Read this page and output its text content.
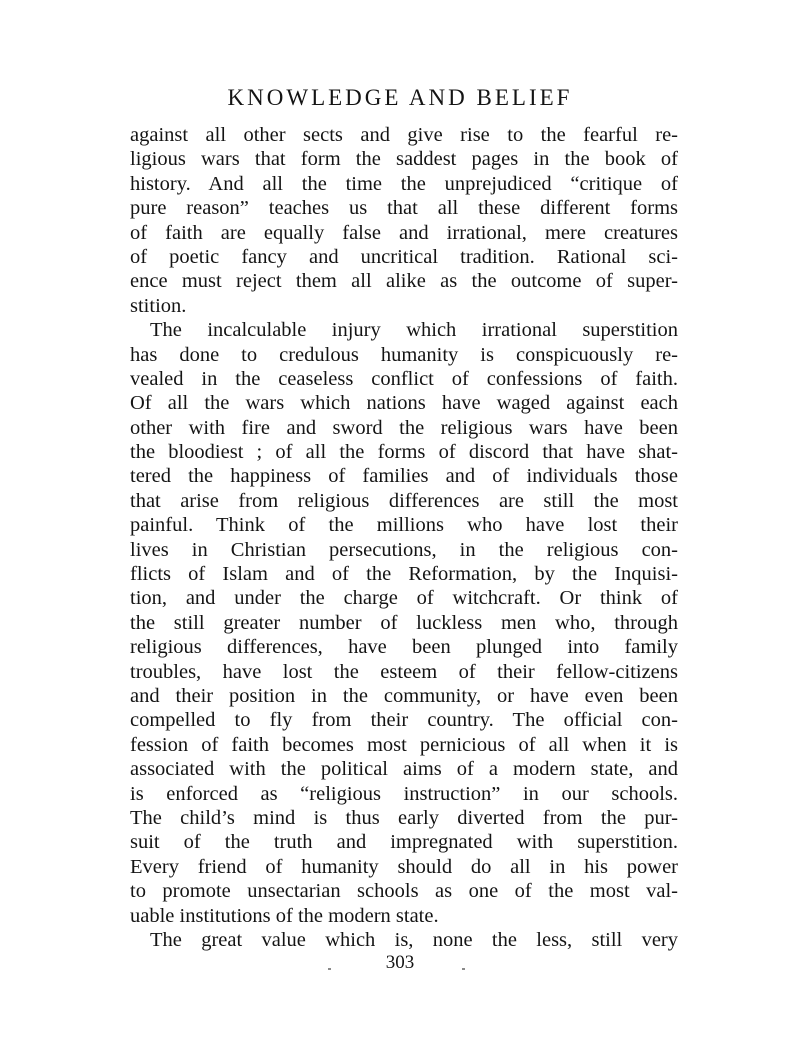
KNOWLEDGE AND BELIEF
against all other sects and give rise to the fearful re-
ligious wars that form the saddest pages in the book of
history. And all the time the unprejudiced “critique of
pure reason” teaches us that all these different forms
of faith are equally false and irrational, mere creatures
of poetic fancy and uncritical tradition. Rational sci-
ence must reject them all alike as the outcome of super-
stition.
The incalculable injury which irrational superstition
has done to credulous humanity is conspicuously re-
vealed in the ceaseless conflict of confessions of faith.
Of all the wars which nations have waged against each
other with fire and sword the religious wars have been
the bloodiest ; of all the forms of discord that have shat-
tered the happiness of families and of individuals those
that arise from religious differences are still the most
painful. Think of the millions who have lost their
lives in Christian persecutions, in the religious con-
flicts of Islam and of the Reformation, by the Inquisi-
tion, and under the charge of witchcraft. Or think of
the still greater number of luckless men who, through
religious differences, have been plunged into family
troubles, have lost the esteem of their fellow-citizens
and their position in the community, or have even been
compelled to fly from their country. The official con-
fession of faith becomes most pernicious of all when it is
associated with the political aims of a modern state, and
is enforced as “religious instruction” in our schools.
The child’s mind is thus early diverted from the pur-
suit of the truth and impregnated with superstition.
Every friend of humanity should do all in his power
to promote unsectarian schools as one of the most val-
uable institutions of the modern state.
The great value which is, none the less, still very
303
